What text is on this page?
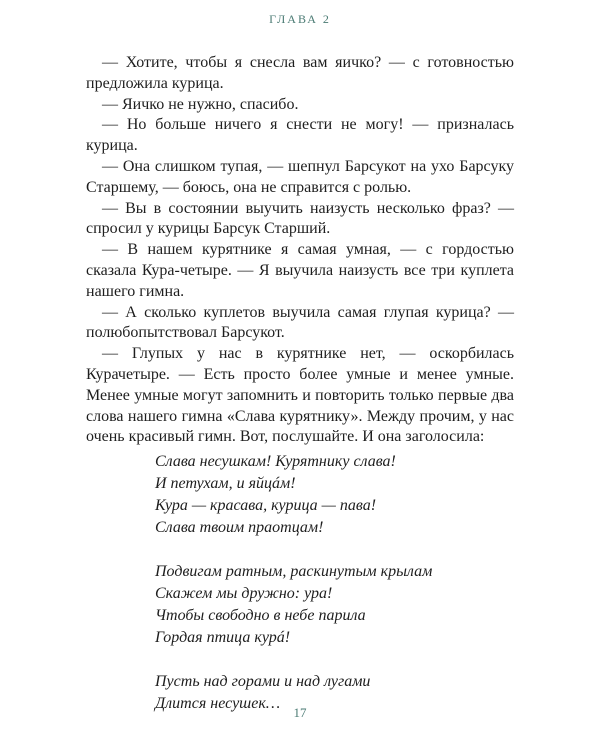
ГЛАВА 2

— Хотите, чтобы я снесла вам яичко? — с готовностью предложила курица.

— Яичко не нужно, спасибо.

— Но больше ничего я снести не могу! — призналась курица.

— Она слишком тупая, — шепнул Барсукот на ухо Барсуку Старшему, — боюсь, она не справится с ролью.

— Вы в состоянии выучить наизусть несколько фраз? — спросил у курицы Барсук Старший.

— В нашем курятнике я самая умная, — с гордостью сказала Кура-четыре. — Я выучила наизусть все три куплета нашего гимна.

— А сколько куплетов выучила самая глупая курица? — полюбопытствовал Барсукот.

— Глупых у нас в курятнике нет, — оскорбилась Курачетыре. — Есть просто более умные и менее умные. Менее умные могут запомнить и повторить только первые два слова нашего гимна «Слава курятнику». Между прочим, у нас очень красивый гимн. Вот, послушайте. И она заголосила:

Слава несушкам! Курятнику слава!
И петухам, и яйцáм!
Кура — красава, курица — пава!
Слава твоим праотцам!
Подвигам ратным, раскинутым крылам
Скажем мы дружно: ура!
Чтобы свободно в небе парила
Гордая птица курá!
Пусть над горами и над лугами
Длится несушек…
17
